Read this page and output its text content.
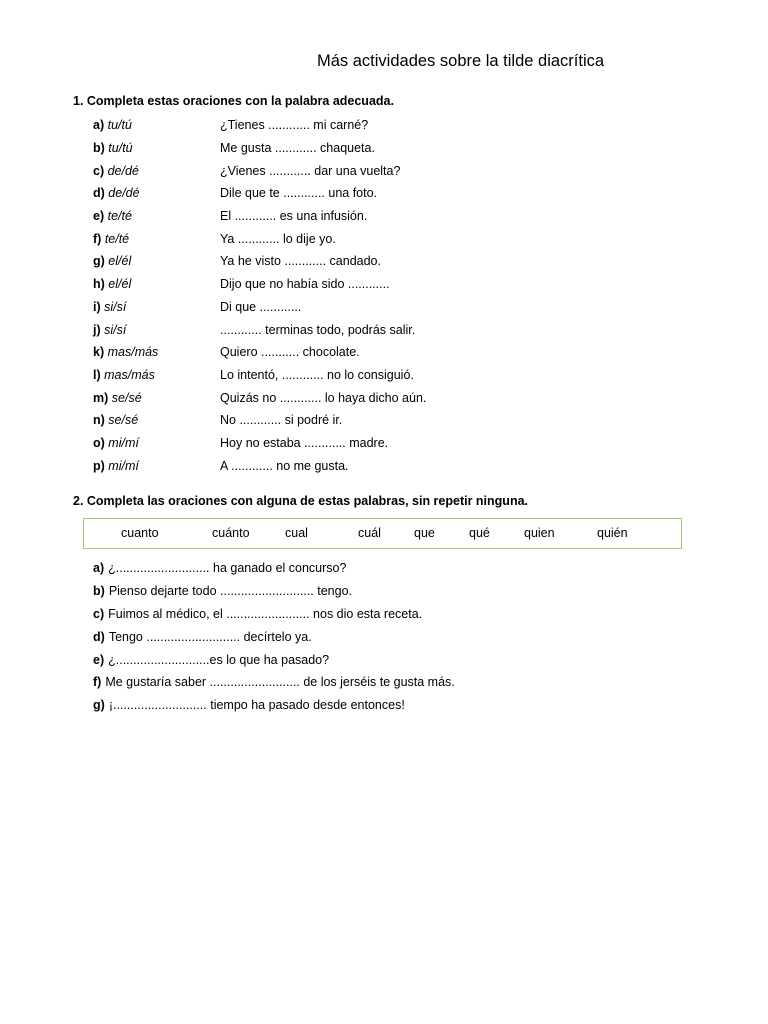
Más actividades sobre la tilde diacrítica
1. Completa estas oraciones con la palabra adecuada.
a) tu/tú	¿Tienes ............ mi carné?
b) tu/tú	Me gusta ............ chaqueta.
c) de/dé	¿Vienes ............ dar una vuelta?
d) de/dé	Dile que te ............ una foto.
e) te/té	El ............ es una infusión.
f) te/té	Ya ............ lo dije yo.
g) el/él	Ya he visto ............ candado.
h) el/él	Dijo que no había sido ............
i) si/sí	Di que ............
j) si/sí	............ terminas todo, podrás salir.
k) mas/más	Quiero ........... chocolate.
l) mas/más	Lo intentó, ............ no lo consiguió.
m) se/sé	Quizás no ............ lo haya dicho aún.
n) se/sé	No ............ si podré ir.
o) mi/mí	Hoy no estaba ............ madre.
p) mi/mí	A ............ no me gusta.
2. Completa las oraciones con alguna de estas palabras, sin repetir ninguna.
cuanto	cuánto	cual	cuál	que	qué	quien	quién
a) ¿........................... ha ganado el concurso?
b) Pienso dejarte todo ........................... tengo.
c) Fuimos al médico, el ........................ nos dio esta receta.
d) Tengo ........................... decírtelo ya.
e) ¿...........................es lo que ha pasado?
f) Me gustaría saber .......................... de los jerséis te gusta más.
g) ¡........................... tiempo ha pasado desde entonces!
